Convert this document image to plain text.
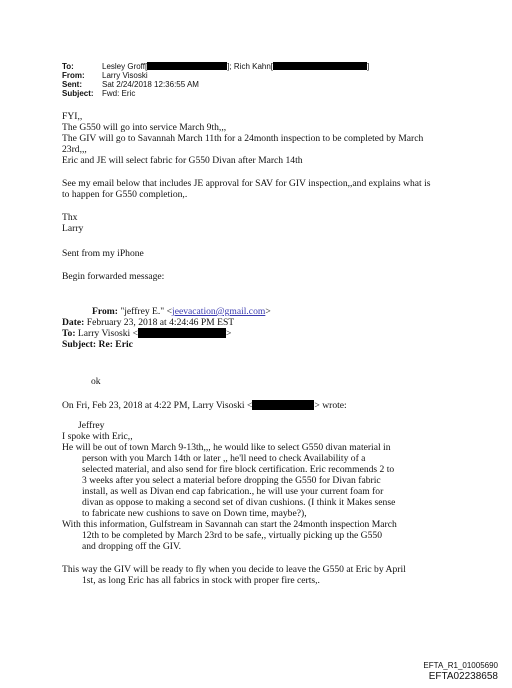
To:	Lesley Groff[	]; Rich Kahn[	]
From: Larry Visoski
Sent:	Sat 2/24/2018 12:36:55 AM
Subject: Fwd: Eric
FYI,,
The G550 will go into service March 9th,,,
The GIV will go to Savannah March 11th for a 24month inspection to be completed by March
23rd,,,
Eric and JE will select fabric for G550 Divan after March 14th
See my email below that includes JE approval for SAV for GIV inspection,,and explains what is
to happen for G550 completion,.
Thx
Larry
Sent from my iPhone
Begin forwarded message:
From: "jeffrey E." <jeevacation@gmail.com>
Date: February 23, 2018 at 4:24:46 PM EST
To: Larry Visoski <	>
Subject: Re: Eric
ok
On Fri, Feb 23, 2018 at 4:22 PM, Larry Visoski <	> wrote:
Jeffrey
I spoke with Eric,,
He will be out of town March 9-13th,,, he would like to select G550 divan material in
person with you March 14th or later ,, he'll need to check Availability of a
selected material, and also send for fire block certification. Eric recommends 2 to
3 weeks after you select a material before dropping the G550 for Divan fabric
install, as well as Divan end cap fabrication., he will use your current foam for
divan as oppose to making a second set of divan cushions. (I think it Makes sense
to fabricate new cushions to save on Down time, maybe?),
With this information, Gulfstream in Savannah can start the 24month inspection March
12th to be completed by March 23rd to be safe,, virtually picking up the G550
and dropping off the GIV.
This way the GIV will be ready to fly when you decide to leave the G550 at Eric by April
1st, as long Eric has all fabrics in stock with proper fire certs,.
EFTA_R1_01005690
EFTA02238658
